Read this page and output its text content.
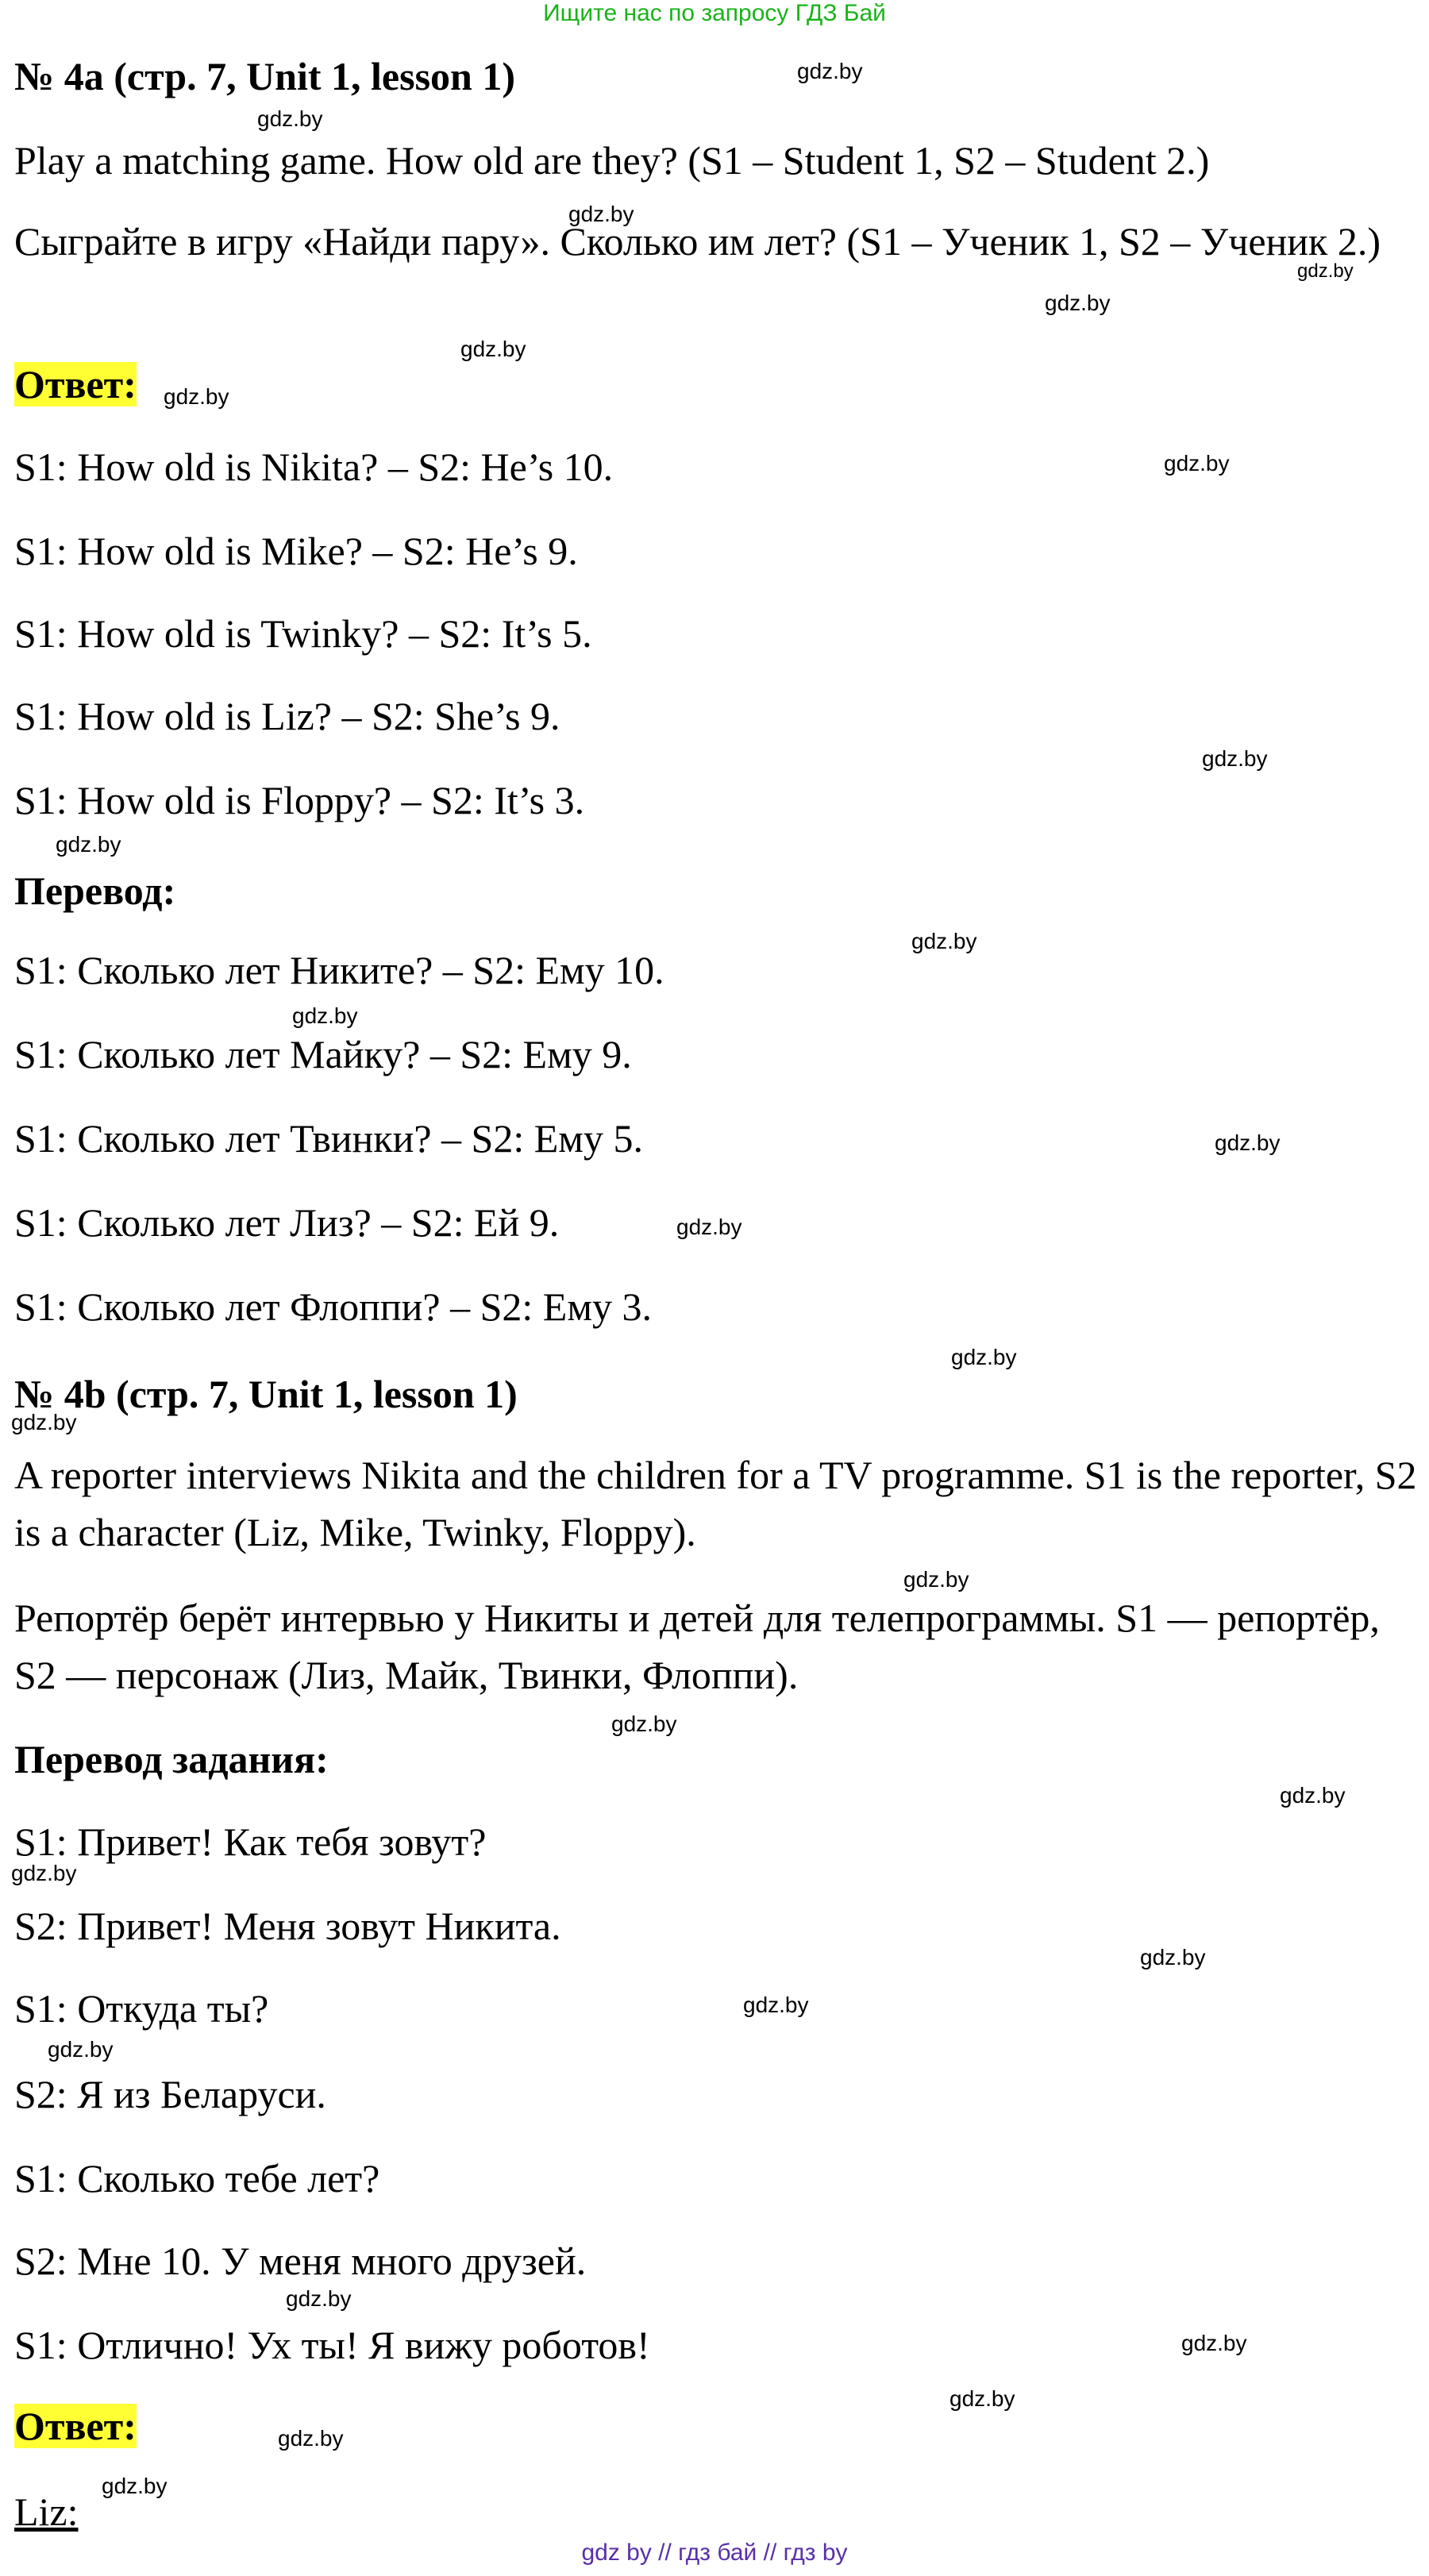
Ищите нас по запросу ГДЗ Бай
№ 4a (стр. 7, Unit 1, lesson 1)
Play a matching game. How old are they? (S1 – Student 1, S2 – Student 2.)
Сыграйте в игру «Найди пару». Сколько им лет? (S1 – Ученик 1, S2 – Ученик 2.)
Ответ:
S1: How old is Nikita? – S2: He’s 10.
S1: How old is Mike? – S2: He’s 9.
S1: How old is Twinky? – S2: It’s 5.
S1: How old is Liz? – S2: She’s 9.
S1: How old is Floppy? – S2: It’s 3.
Перевод:
S1: Сколько лет Никите? – S2: Ему 10.
S1: Сколько лет Майку? – S2: Ему 9.
S1: Сколько лет Твинки? – S2: Ему 5.
S1: Сколько лет Лиз? – S2: Ей 9.
S1: Сколько лет Флоппи? – S2: Ему 3.
№ 4b (стр. 7, Unit 1, lesson 1)
A reporter interviews Nikita and the children for a TV programme. S1 is the reporter, S2 is a character (Liz, Mike, Twinky, Floppy).
Репортёр берёт интервью у Никиты и детей для телепрограммы. S1 — репортёр, S2 — персонаж (Лиз, Майк, Твинки, Флоппи).
Перевод задания:
S1: Привет! Как тебя зовут?
S2: Привет! Меня зовут Никита.
S1: Откуда ты?
S2: Я из Беларуси.
S1: Сколько тебе лет?
S2: Мне 10. У меня много друзей.
S1: Отлично! Ух ты! Я вижу роботов!
Ответ:
Liz:
gdz.by
gdz.by
gdz.by
gdz.by
gdz.by
gdz.by
gdz.by
gdz.by
gdz.by
gdz.by
gdz.by
gdz.by
gdz.by
gdz.by
gdz.by
gdz.by
gdz.by
gdz.by
gdz.by
gdz.by
gdz.by
gdz.by
gdz.by
gdz.by
gdz.by
gdz.by
gdz.by
gdz.by
gdz by // гдз бай // гдз by
